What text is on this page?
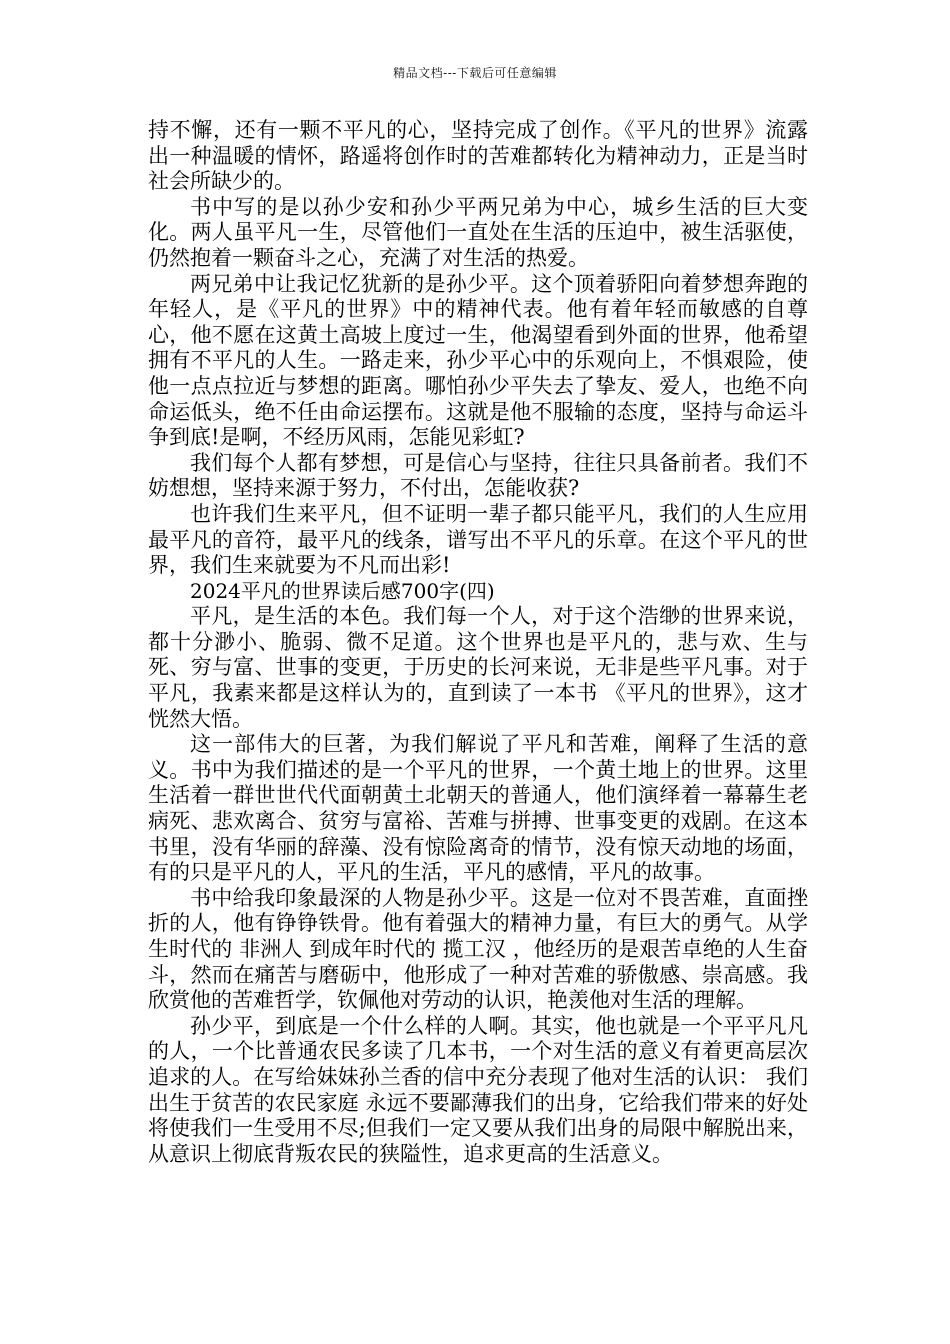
精品文档---下载后可任意编辑

持不懈，还有一颗不平凡的心，坚持完成了创作。《平凡的世界》流露出一种温暖的情怀，路遥将创作时的苦难都转化为精神动力，正是当时社会所缺少的。

书中写的是以孙少安和孙少平两兄弟为中心，城乡生活的巨大变化。两人虽平凡一生，尽管他们一直处在生活的压迫中，被生活驱使，仍然抱着一颗奋斗之心，充满了对生活的热爱。

两兄弟中让我记忆犹新的是孙少平。这个顶着骄阳向着梦想奔跑的年轻人，是《平凡的世界》中的精神代表。他有着年轻而敏感的自尊心，他不愿在这黄土高坡上度过一生，他渴望看到外面的世界，他希望拥有不平凡的人生。一路走来，孙少平心中的乐观向上，不惧艰险，使他一点点拉近与梦想的距离。哪怕孙少平失去了挚友、爱人，也绝不向命运低头，绝不任由命运摆布。这就是他不服输的态度，坚持与命运斗争到底!是啊，不经历风雨，怎能见彩虹?

我们每个人都有梦想，可是信心与坚持，往往只具备前者。我们不妨想想，坚持来源于努力，不付出，怎能收获?

也许我们生来平凡，但不证明一辈子都只能平凡，我们的人生应用最平凡的音符，最平凡的线条，谱写出不平凡的乐章。在这个平凡的世界，我们生来就要为不凡而出彩!

2024平凡的世界读后感700字(四)

平凡，是生活的本色。我们每一个人，对于这个浩缈的世界来说，都十分渺小、脆弱、微不足道。这个世界也是平凡的，悲与欢、生与死、穷与富、世事的变更，于历史的长河来说，无非是些平凡事。对于平凡，我素来都是这样认为的，直到读了一本书 《平凡的世界》，这才恍然大悟。

这一部伟大的巨著，为我们解说了平凡和苦难，阐释了生活的意义。书中为我们描述的是一个平凡的世界，一个黄土地上的世界。这里生活着一群世世代代面朝黄土北朝天的普通人，他们演绎着一幕幕生老病死、悲欢离合、贫穷与富裕、苦难与拼搏、世事变更的戏剧。在这本书里，没有华丽的辞藻、没有惊险离奇的情节，没有惊天动地的场面，有的只是平凡的人，平凡的生活，平凡的感情，平凡的故事。

书中给我印象最深的人物是孙少平。这是一位对不畏苦难，直面挫折的人，他有铮铮铁骨。他有着强大的精神力量，有巨大的勇气。从学生时代的 非洲人 到成年时代的 揽工汉 ，他经历的是艰苦卓绝的人生奋斗，然而在痛苦与磨砺中，他形成了一种对苦难的骄傲感、崇高感。我欣赏他的苦难哲学，钦佩他对劳动的认识，艳羡他对生活的理解。

孙少平，到底是一个什么样的人啊。其实，他也就是一个平平凡凡的人，一个比普通农民多读了几本书，一个对生活的意义有着更高层次追求的人。在写给妹妹孙兰香的信中充分表现了他对生活的认识： 我们出生于贫苦的农民家庭 永远不要鄙薄我们的出身，它给我们带来的好处将使我们一生受用不尽;但我们一定又要从我们出身的局限中解脱出来，从意识上彻底背叛农民的狭隘性，追求更高的生活意义。
